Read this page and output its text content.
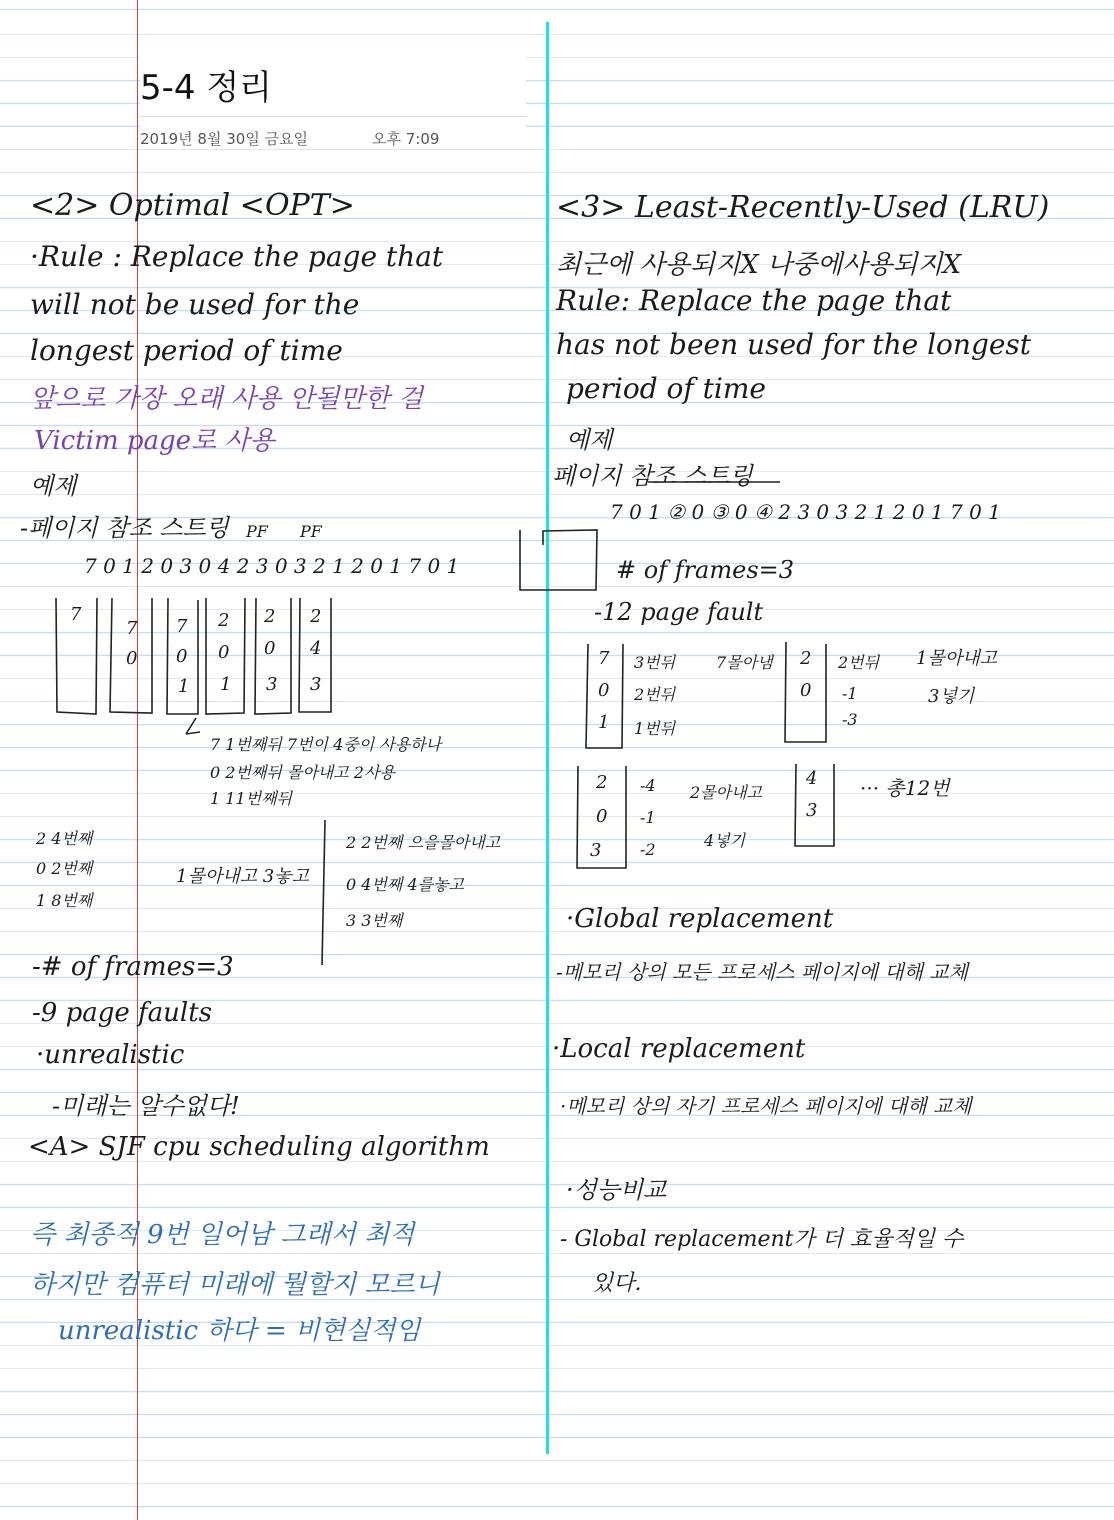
5-4 정리
2019년 8월 30일 금요일	오후 7:09
<2> Optimal <OPT>
·Rule : Replace the page that
will not be used for the
longest period of time
앞으로 가장 오래 사용 안될만한 걸
Victim page로 사용
예제
-페이지 참조 스트링 PF PF
7 0 1 2 0 3 0 4 2 3 0 3 2 1 2 0 1 7 0 1
7
7
0
7
0
1
2
0
1
2
0
3
2
4
3
7 1번째뒤 7번이 4중이 사용하나
0 2번째뒤 몰아내고 2사용
1 11번째뒤
2 4번째
0 2번째
1 8번째
1몰아내고 3놓고
2 2번째 으을몰아내고
0 4번째 4를놓고
3 3번째
-# of frames=3
-9 page faults
·unrealistic
-미래는 알수없다!
<A> SJF cpu scheduling algorithm
즉 최종적 9번 일어남 그래서 최적
하지만 컴퓨터 미래에 뭘할지 모르니
unrealistic 하다 = 비현실적임
<3> Least-Recently-Used (LRU)
최근에 사용되지X 나중에사용되지X
Rule: Replace the page that
has not been used for the longest
period of time
예제
페이지 참조 스트링
7 0 1 ② 0 ③ 0 ④ 2 3 0 3 2 1 2 0 1 7 0 1
# of frames=3
-12 page fault
7
0
1
3번뒤
2번뒤
1번뒤
7몰아냄 2
0
2번뒤
-1
-3
1몰아내고
3넣기
2
0
3
-4
-1
-2
2몰아내고
4넣기
4
3
··· 총12번
·Global replacement
-메모리 상의 모든 프로세스 페이지에 대해 교체
·Local replacement
·메모리 상의 자기 프로세스 페이지에 대해 교체
·성능비교
- Global replacement가 더 효율적일 수
있다.
